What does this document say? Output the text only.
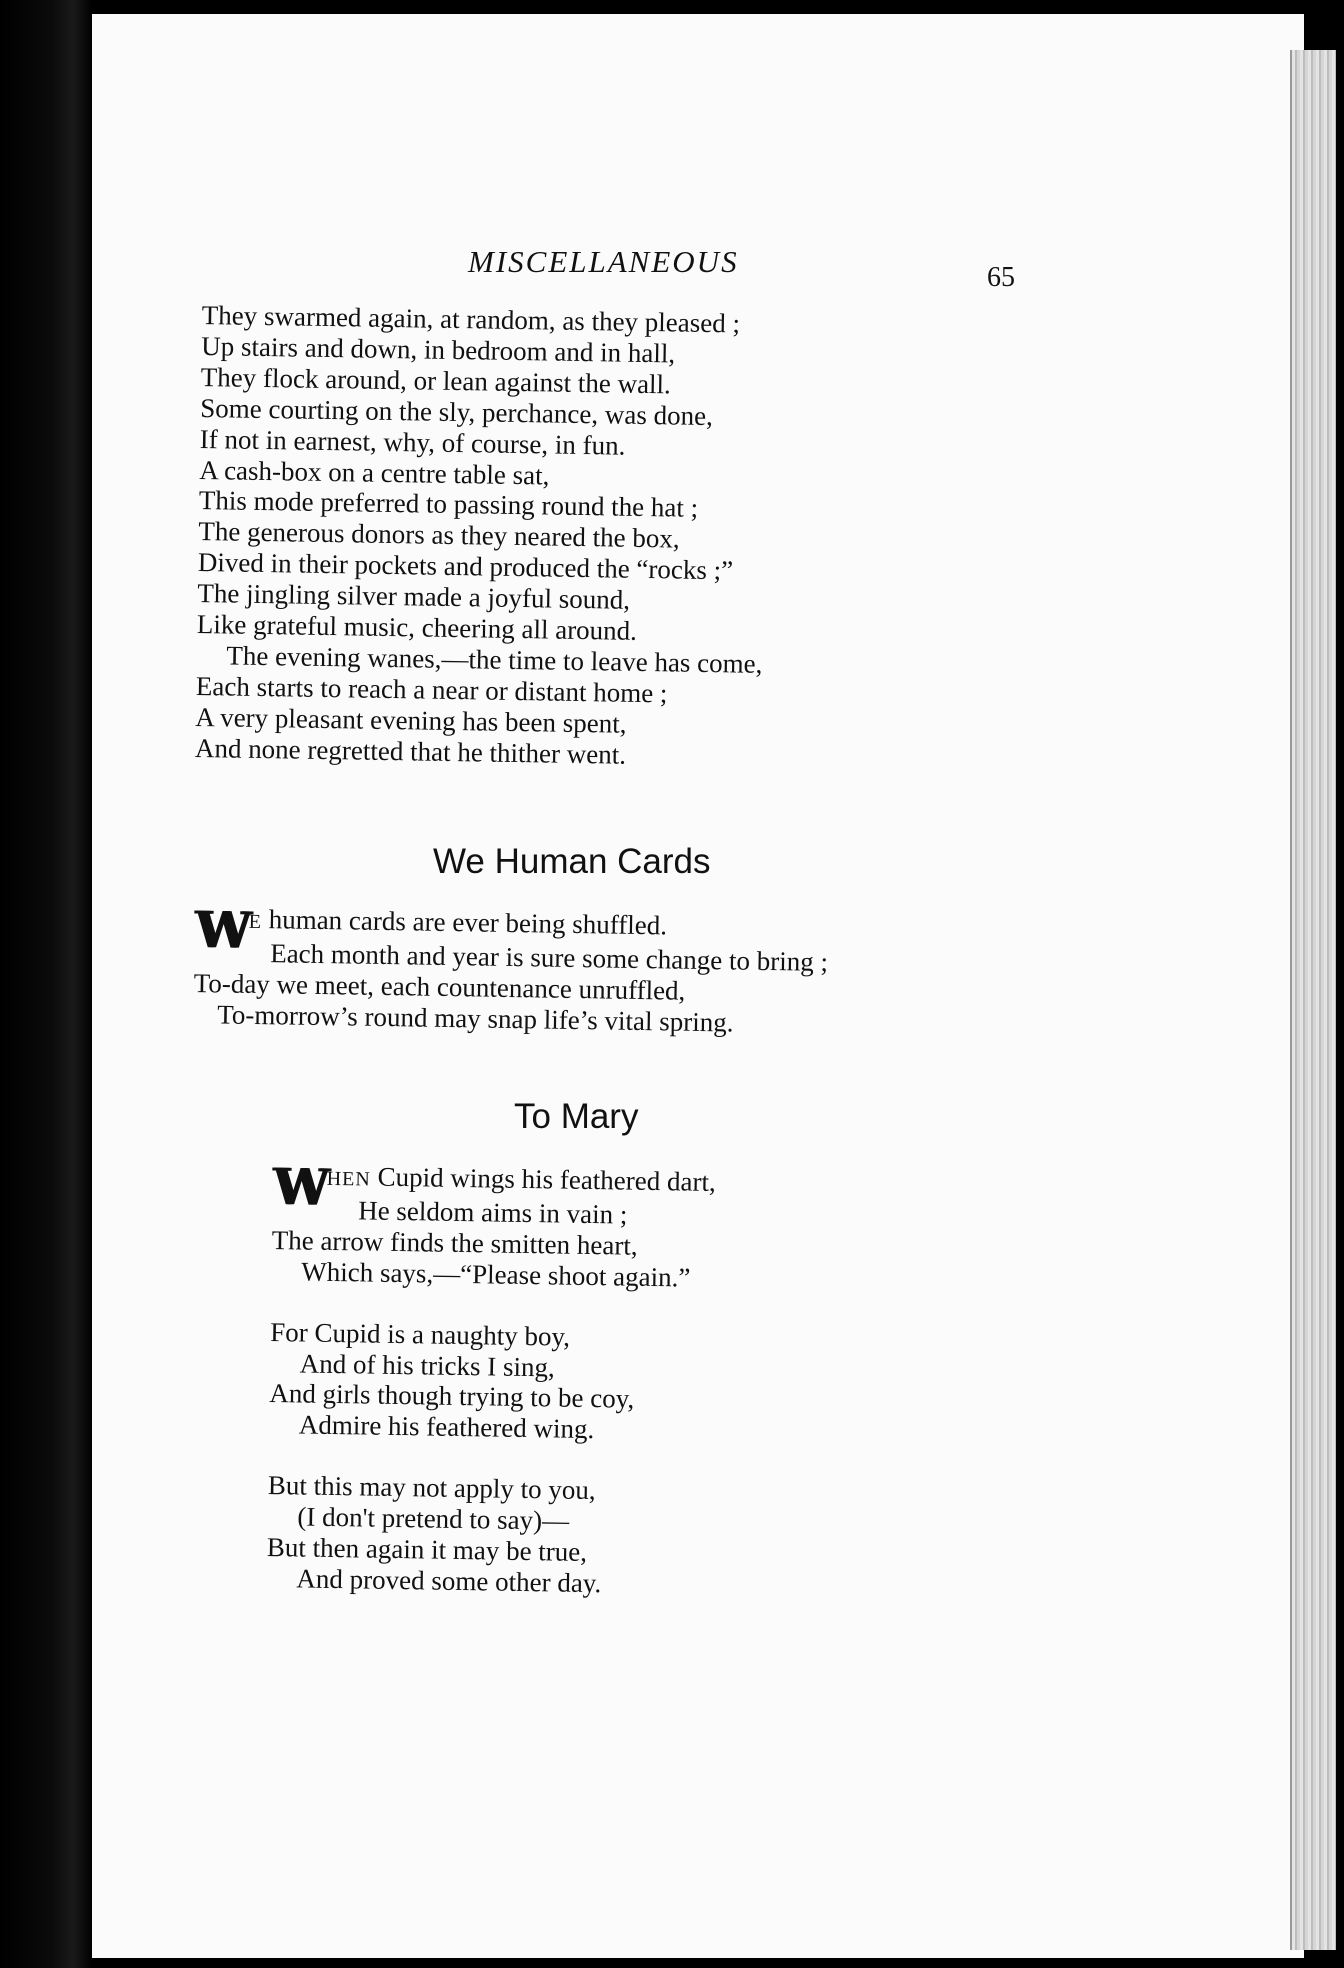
MISCELLANEOUS	65
They swarmed again, at random, as they pleased ;
Up stairs and down, in bedroom and in hall,
They flock around, or lean against the wall.
Some courting on the sly, perchance, was done,
If not in earnest, why, of course, in fun.
A cash-box on a centre table sat,
This mode preferred to passing round the hat ;
The generous donors as they neared the box,
Dived in their pockets and produced the “rocks ;”
The jingling silver made a joyful sound,
Like grateful music, cheering all around.
The evening wanes,—the time to leave has come,
Each starts to reach a near or distant home ;
A very pleasant evening has been spent,
And none regretted that he thither went.
We Human Cards
W E human cards are ever being shuffled.
Each month and year is sure some change to bring ;
To-day we meet, each countenance unruffled,
To-morrow’s round may snap life’s vital spring.
To Mary
W HEN Cupid wings his feathered dart,
He seldom aims in vain ;
The arrow finds the smitten heart,
Which says,—“Please shoot again.”
For Cupid is a naughty boy,
And of his tricks I sing,
And girls though trying to be coy,
Admire his feathered wing.
But this may not apply to you,
(I don't pretend to say)—
But then again it may be true,
And proved some other day.
